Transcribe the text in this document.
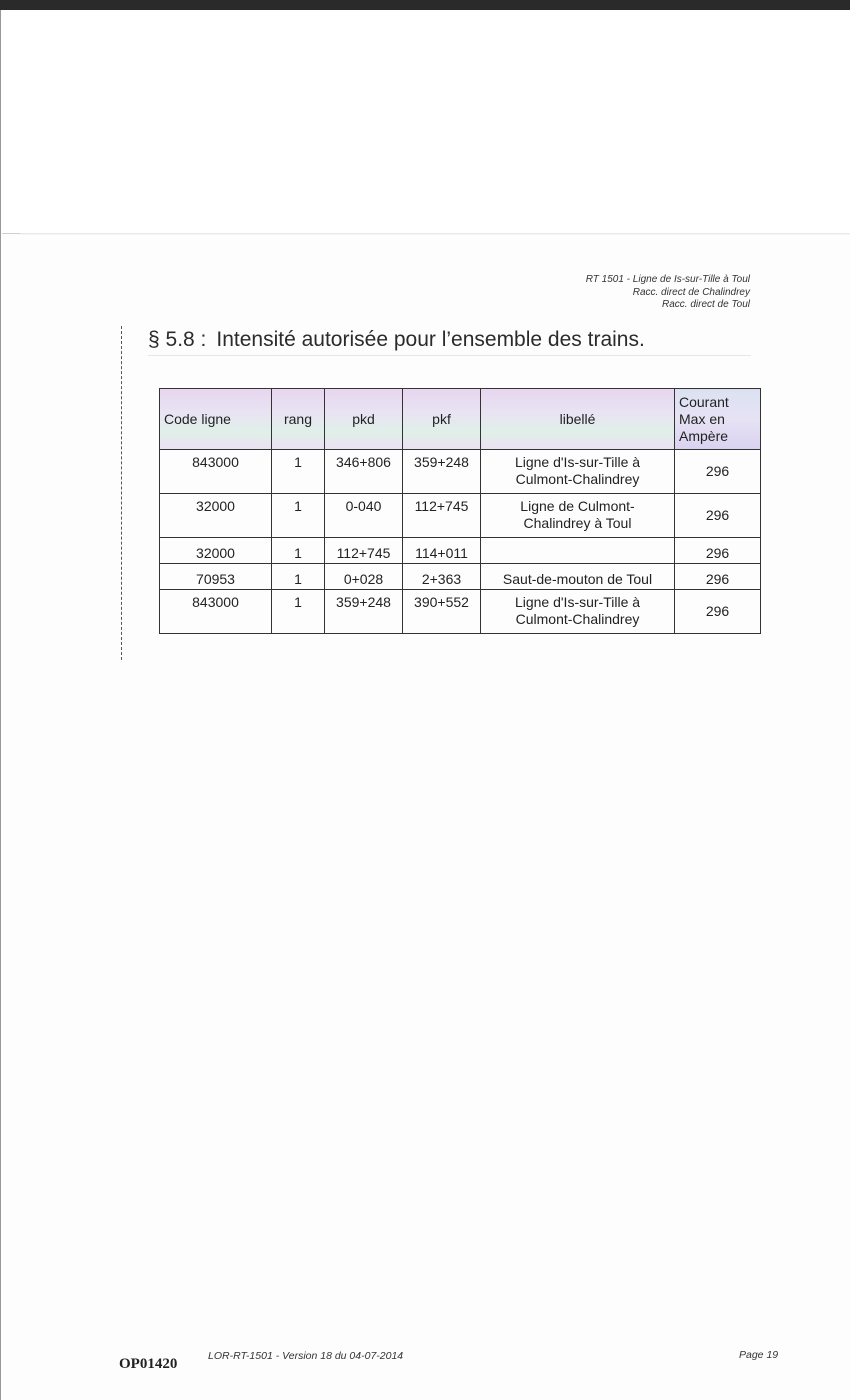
RT 1501 - Ligne de Is-sur-Tille à Toul
Racc. direct de Chalindrey
Racc. direct de Toul
§ 5.8 : Intensité autorisée pour l’ensemble des trains.
Code ligne	rang	pkd	pkf	libellé	Courant
Max en
Ampère

843000	1	346+806	359+248	Ligne d'Is-sur-Tille à
Culmont-Chalindrey	296
32000	1	0-040	112+745	Ligne de Culmont-
Chalindrey à Toul	296
32000	1	112+745	114+011		296
70953	1	0+028	2+363	Saut-de-mouton de Toul	296
843000	1	359+248	390+552	Ligne d'Is-sur-Tille à
Culmont-Chalindrey	296
OP01420	LOR-RT-1501 - Version 18 du 04-07-2014	Page 19
